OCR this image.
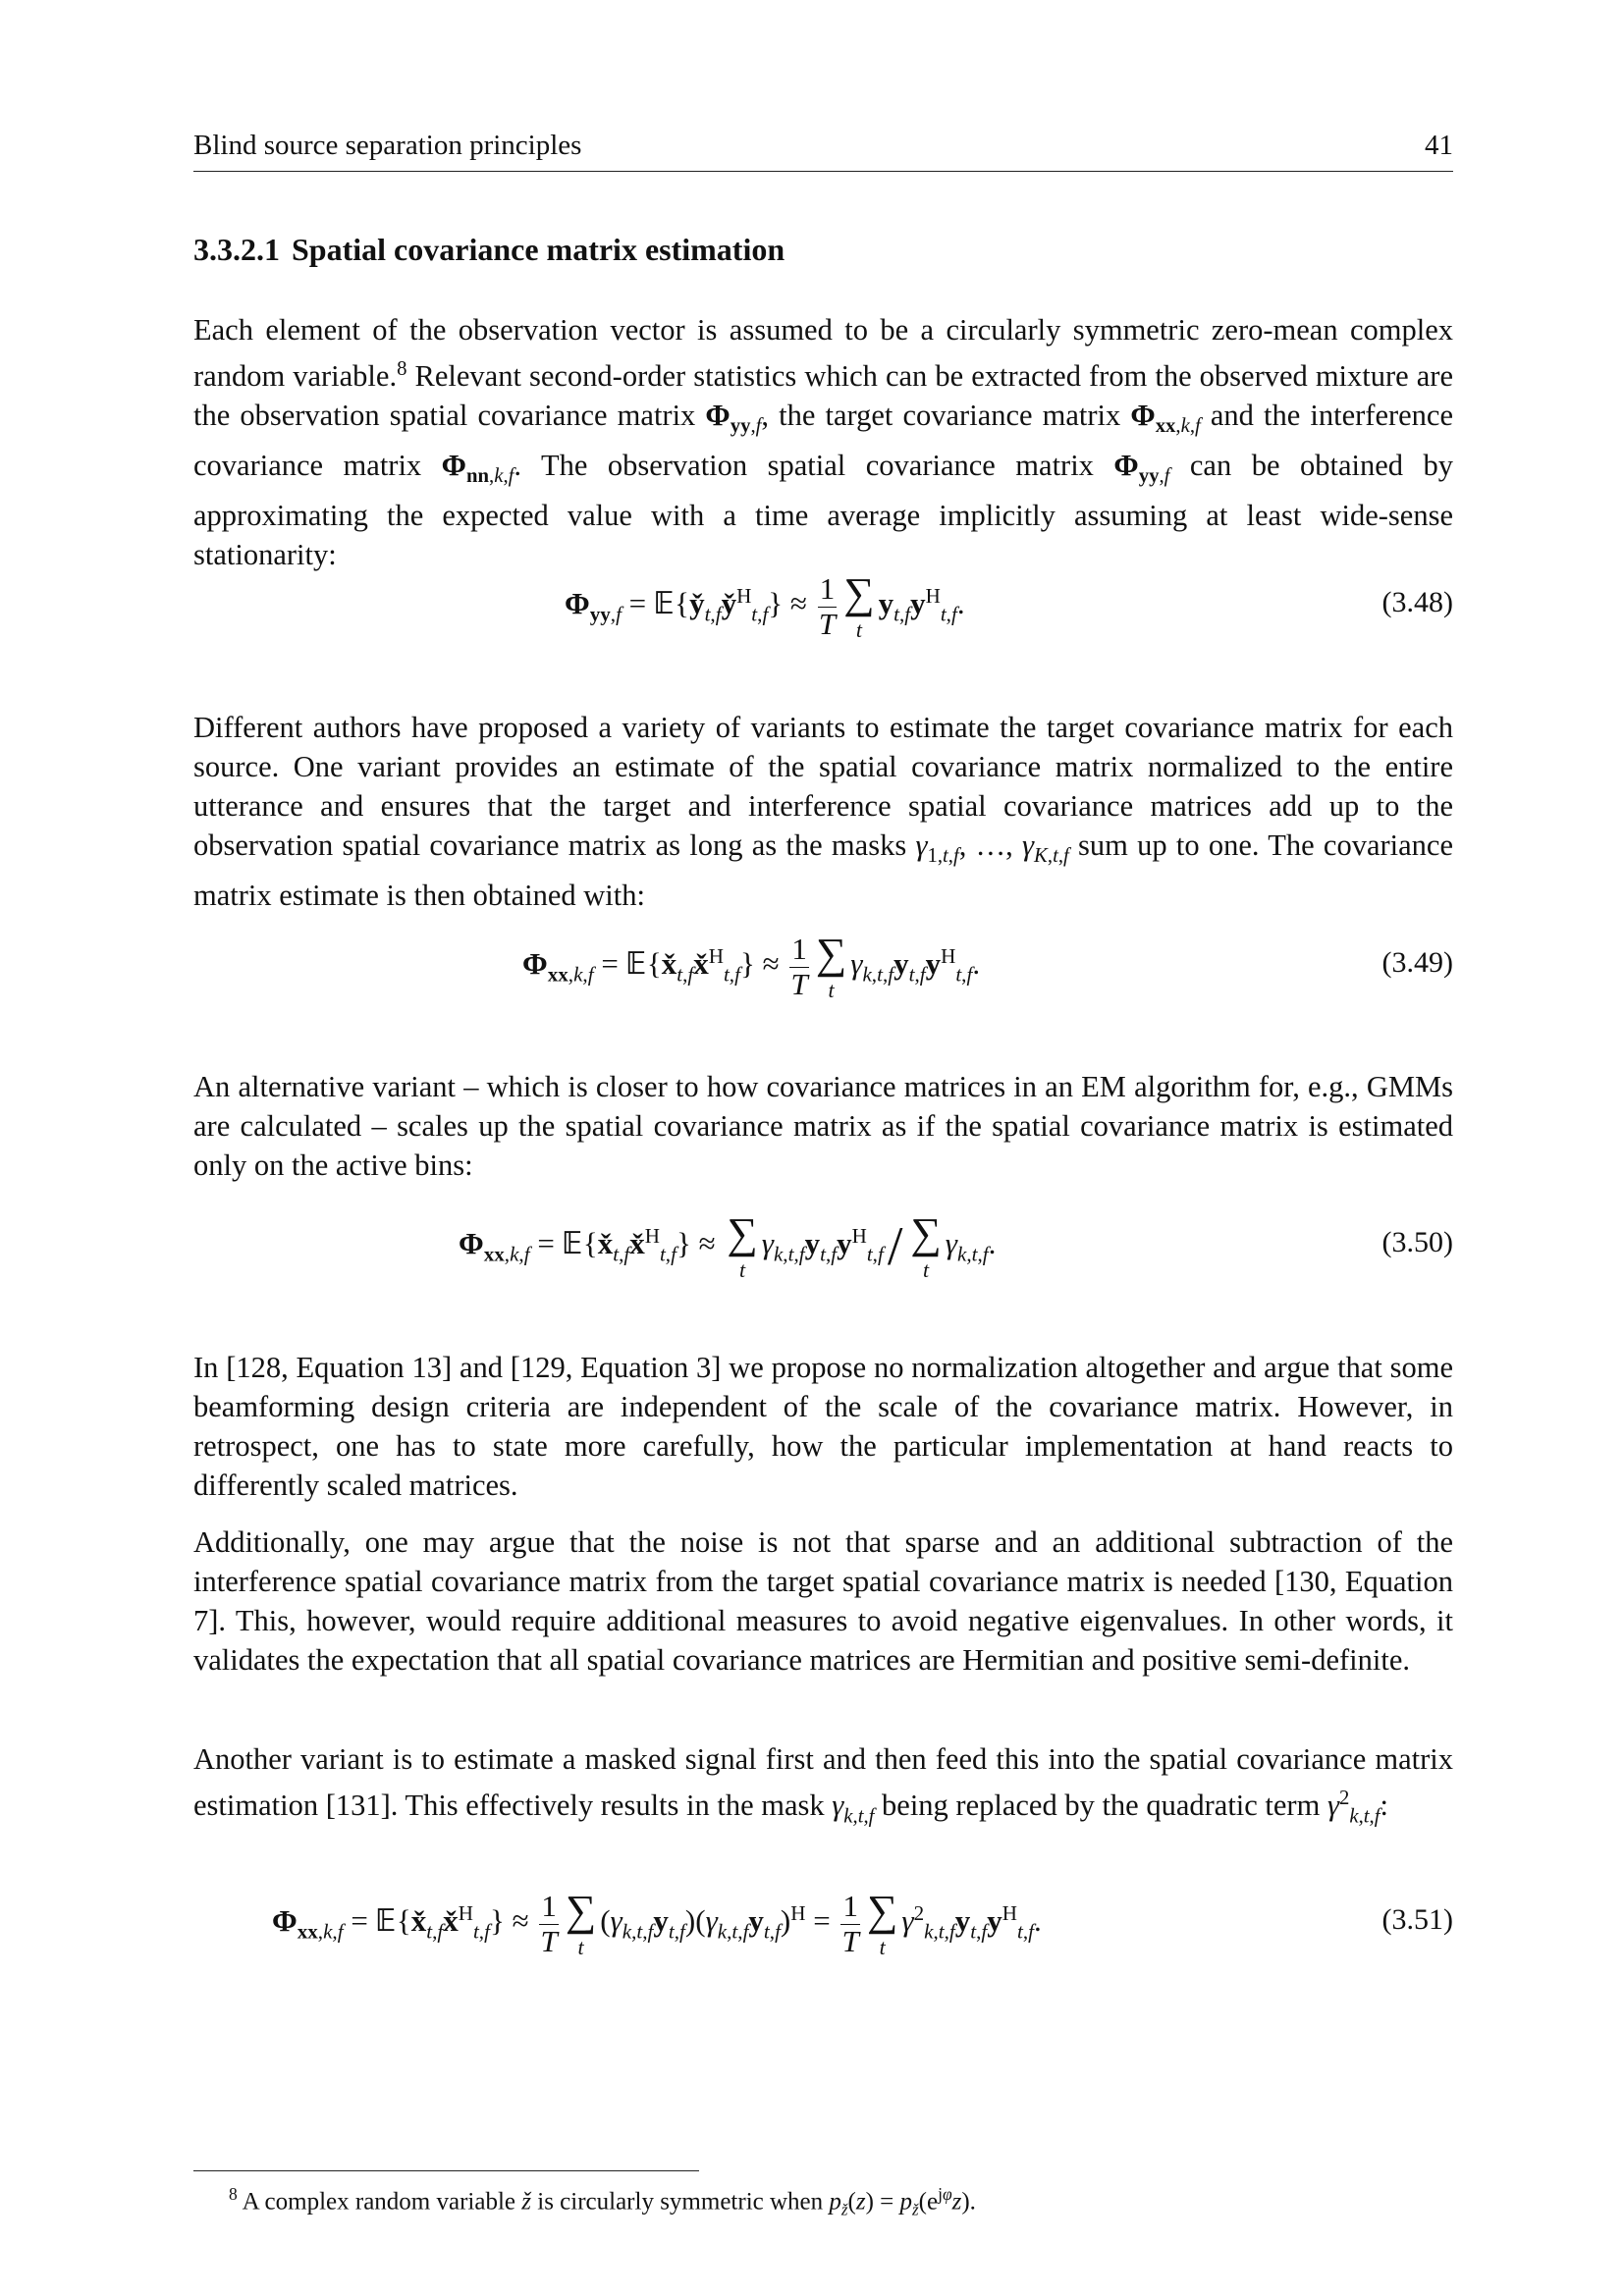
Blind source separation principles	41
3.3.2.1 Spatial covariance matrix estimation
Each element of the observation vector is assumed to be a circularly symmetric zero-mean complex random variable.$^8$ Relevant second-order statistics which can be extracted from the observed mixture are the observation spatial covariance matrix $\Phi_{yy,f}$, the target covariance matrix $\Phi_{xx,k,f}$ and the interference covariance matrix $\Phi_{nn,k,f}$. The observation spatial covariance matrix $\Phi_{yy,f}$ can be obtained by approximating the expected value with a time average implicitly assuming at least wide-sense stationarity:
$\Phi_{yy,f}$ = $𝔼\{y̌_{t,f}y̌^H_{t,f}\} \approx \frac{1}{T}$ ∑
t
$y_{t,f}y^H_{t,f}$.	(3.48)
Different authors have proposed a variety of variants to estimate the target covariance matrix for each source. One variant provides an estimate of the spatial covariance matrix normalized to the entire utterance and ensures that the target and interference spatial covariance matrices add up to the observation spatial covariance matrix as long as the masks $\gamma_{1,t,f}$, …, $\gamma_{K,t,f}$ sum up to one. The covariance matrix estimate is then obtained with:
$\Phi_{xx,k,f}$ = $𝔼\{x̌_{t,f}x̌^H_{t,f}\} \approx \frac{1}{T}$ ∑
t
$\gamma_{k,t,f}y_{t,f}y^H_{t,f}$.	(3.49)
An alternative variant – which is closer to how covariance matrices in an EM algorithm for, e.g., GMMs are calculated – scales up the spatial covariance matrix as if the spatial covariance matrix is estimated only on the active bins:
$\Phi_{xx,k,f}$ = $𝔼\{x̌_{t,f}x̌^H_{t,f}\}$ ≈ ∑
t
$\gamma_{k,t,f}y_{t,f}y^H_{t,f}/$ ∑
t
$\gamma_{k,t,f}$.	(3.50)
In [128, Equation 13] and [129, Equation 3] we propose no normalization altogether and argue that some beamforming design criteria are independent of the scale of the covariance matrix. However, in retrospect, one has to state more carefully, how the particular implementation at hand reacts to differently scaled matrices.
Additionally, one may argue that the noise is not that sparse and an additional subtraction of the interference spatial covariance matrix from the target spatial covariance matrix is needed [130, Equation 7]. This, however, would require additional measures to avoid negative eigenvalues. In other words, it validates the expectation that all spatial covariance matrices are Hermitian and positive semi-definite.
Another variant is to estimate a masked signal first and then feed this into the spatial covariance matrix estimation [131]. This effectively results in the mask $\gamma_{k,t,f}$ being replaced by the quadratic term $\gamma^2_{k,t,f}$:
$\Phi_{xx,k,f}$ = $𝔼\{x̌_{t,f}x̌^H_{t,f}\} \approx \frac{1}{T}$ ∑
t
$(\gamma_{k,t,f}y_{t,f})(\gamma_{k,t,f}y_{t,f})^H = \frac{1}{T}$ ∑
t
$\gamma^2_{k,t,f}y_{t,f}y^H_{t,f}$.	(3.51)
$^8$ A complex random variable ž is circularly symmetric when $p_ž(z) = p_ž(e^{j\varphi}z)$.
